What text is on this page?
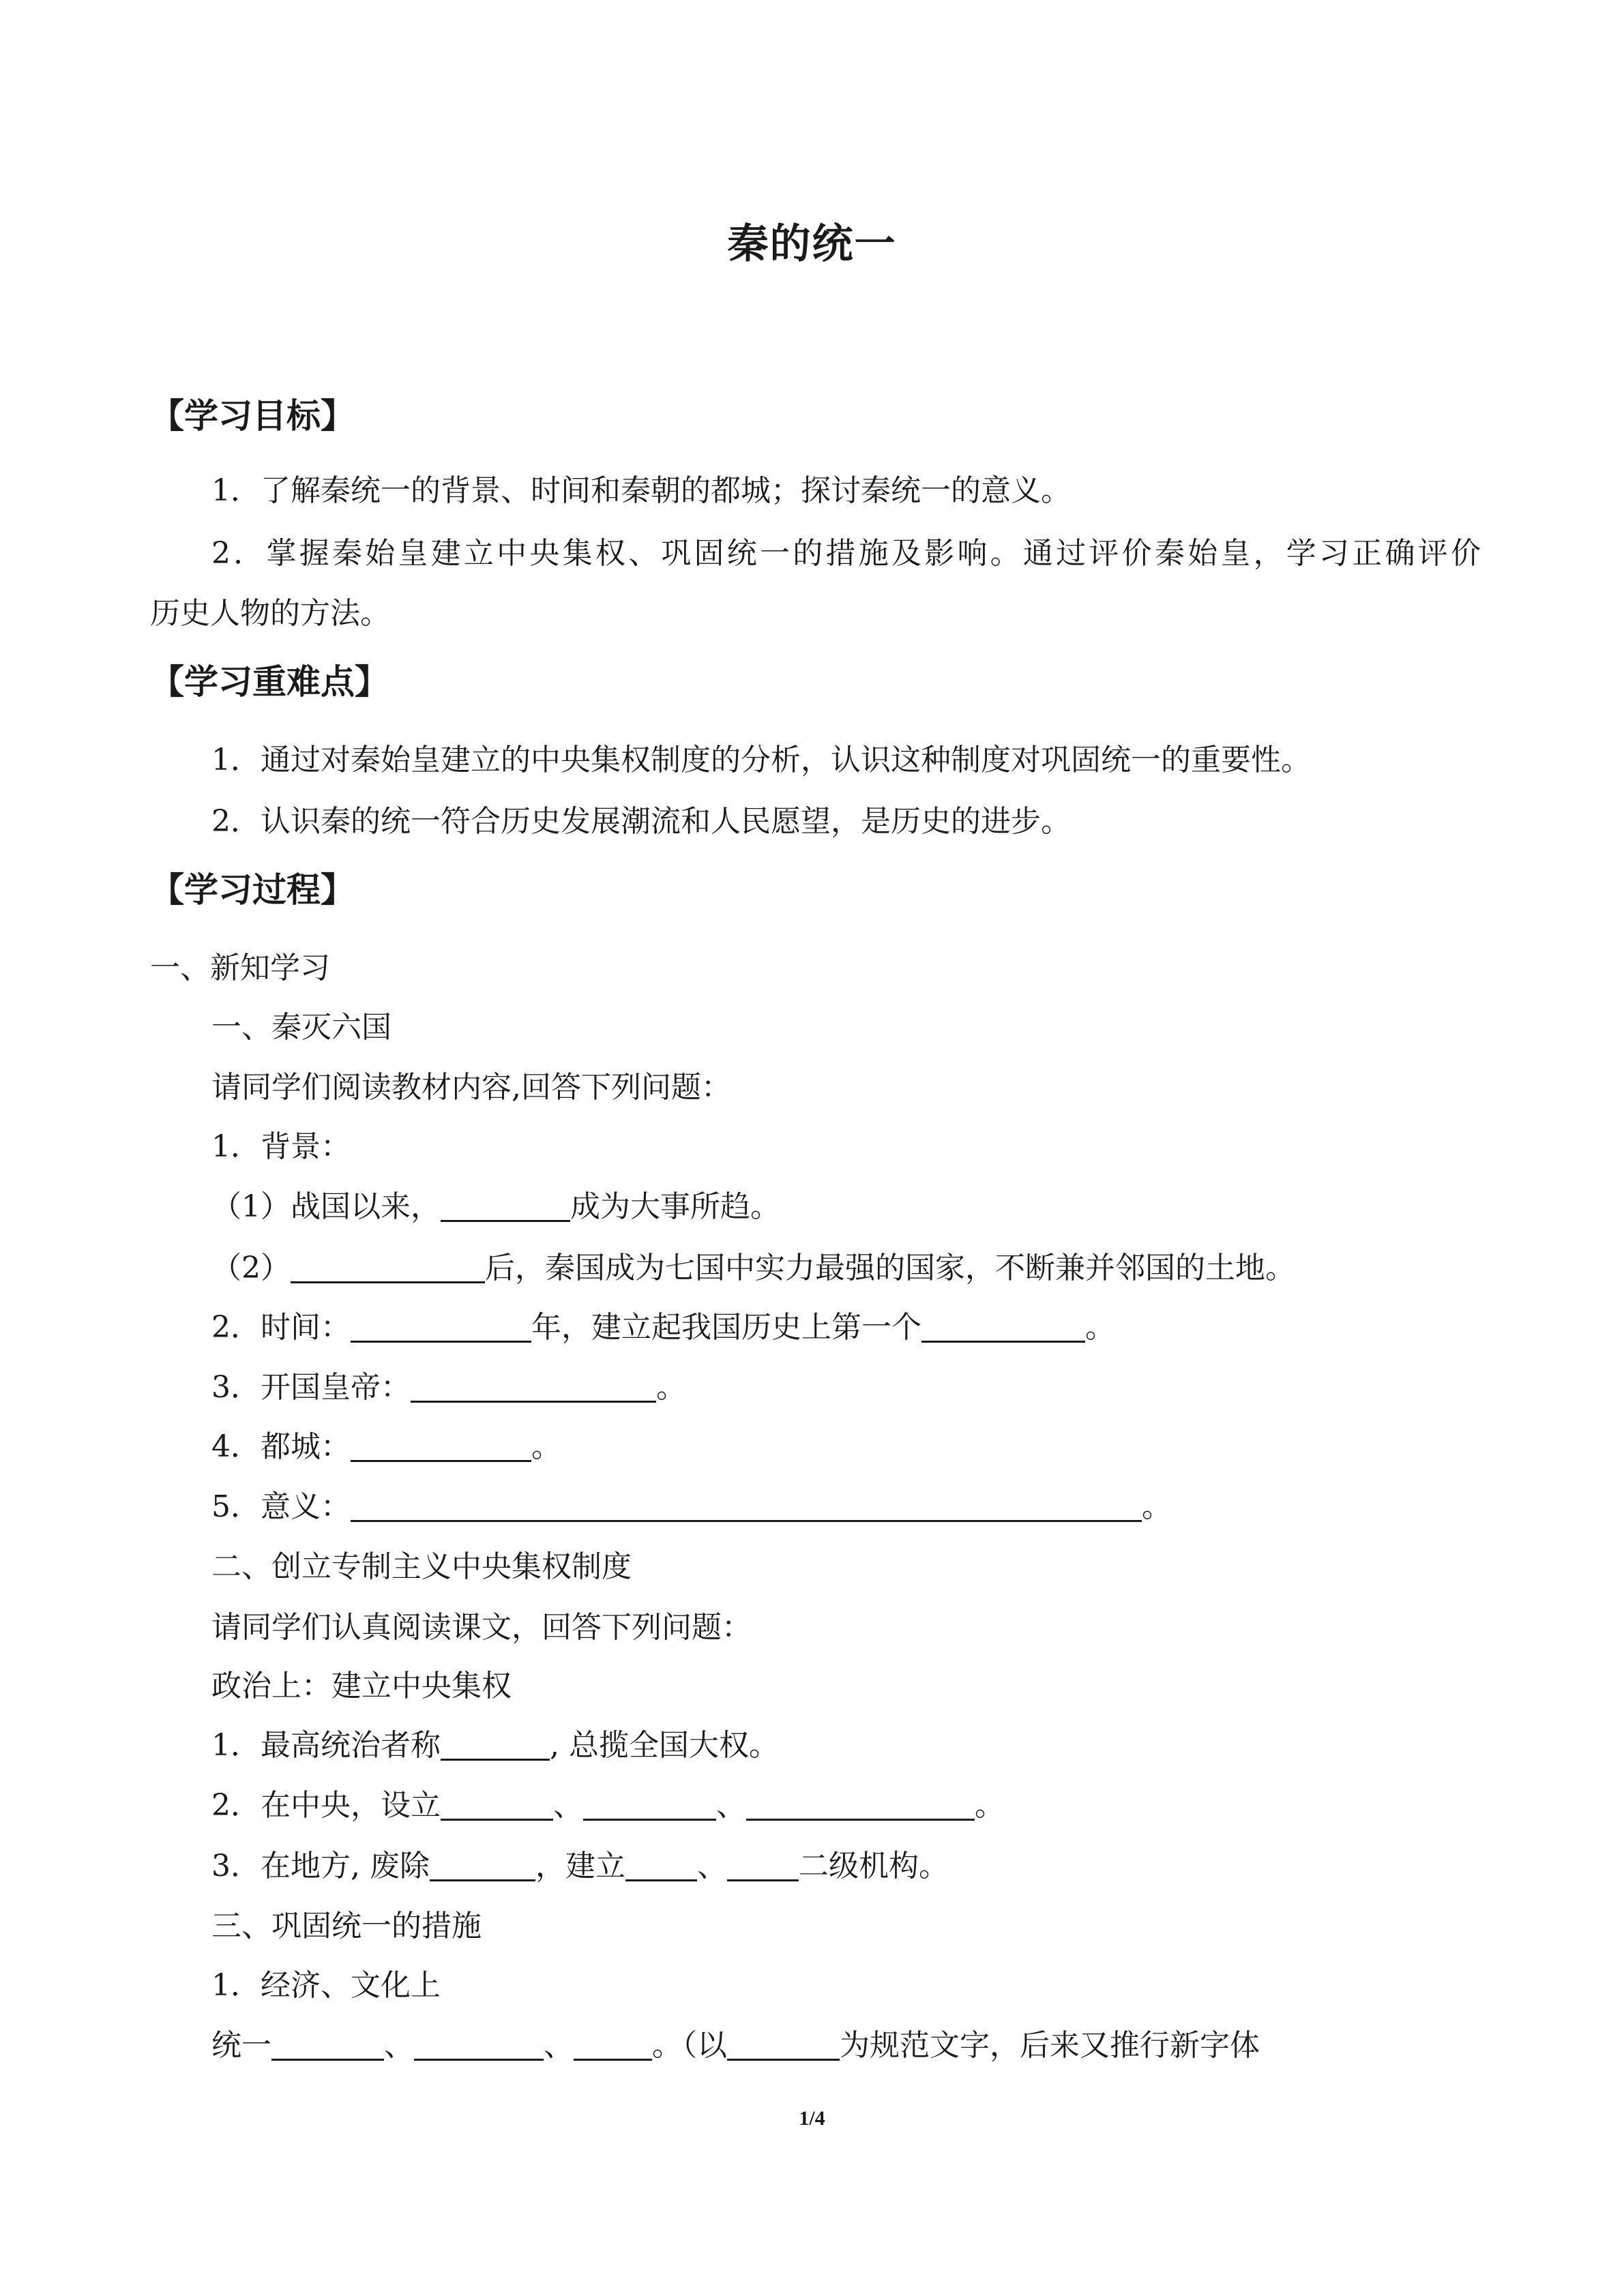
秦的统一
【学习目标】
1．了解秦统一的背景、时间和秦朝的都城；探讨秦统一的意义。
2．掌握秦始皇建立中央集权、巩固统一的措施及影响。通过评价秦始皇，学习正确评价
历史人物的方法。
【学习重难点】
1．通过对秦始皇建立的中央集权制度的分析，认识这种制度对巩固统一的重要性。
2．认识秦的统一符合历史发展潮流和人民愿望，是历史的进步。
【学习过程】
一、新知学习
一、秦灭六国
请同学们阅读教材内容,回答下列问题：
1．背景：
（1）战国以来，	成为大事所趋。
（2）	后，秦国成为七国中实力最强的国家，不断兼并邻国的土地。
2．时间：	年，建立起我国历史上第一个	。
3．开国皇帝：	。
4．都城：	。
5．意义：	。
二、创立专制主义中央集权制度
请同学们认真阅读课文，回答下列问题：
政治上：建立中央集权
1．最高统治者称	, 总揽全国大权。
2．在中央，设立	、	、	。
3．在地方, 废除	，建立 、 二级机构。
三、巩固统一的措施
1．经济、文化上
统一	、	、	。（以	为规范文字，后来又推行新字体
1/4
